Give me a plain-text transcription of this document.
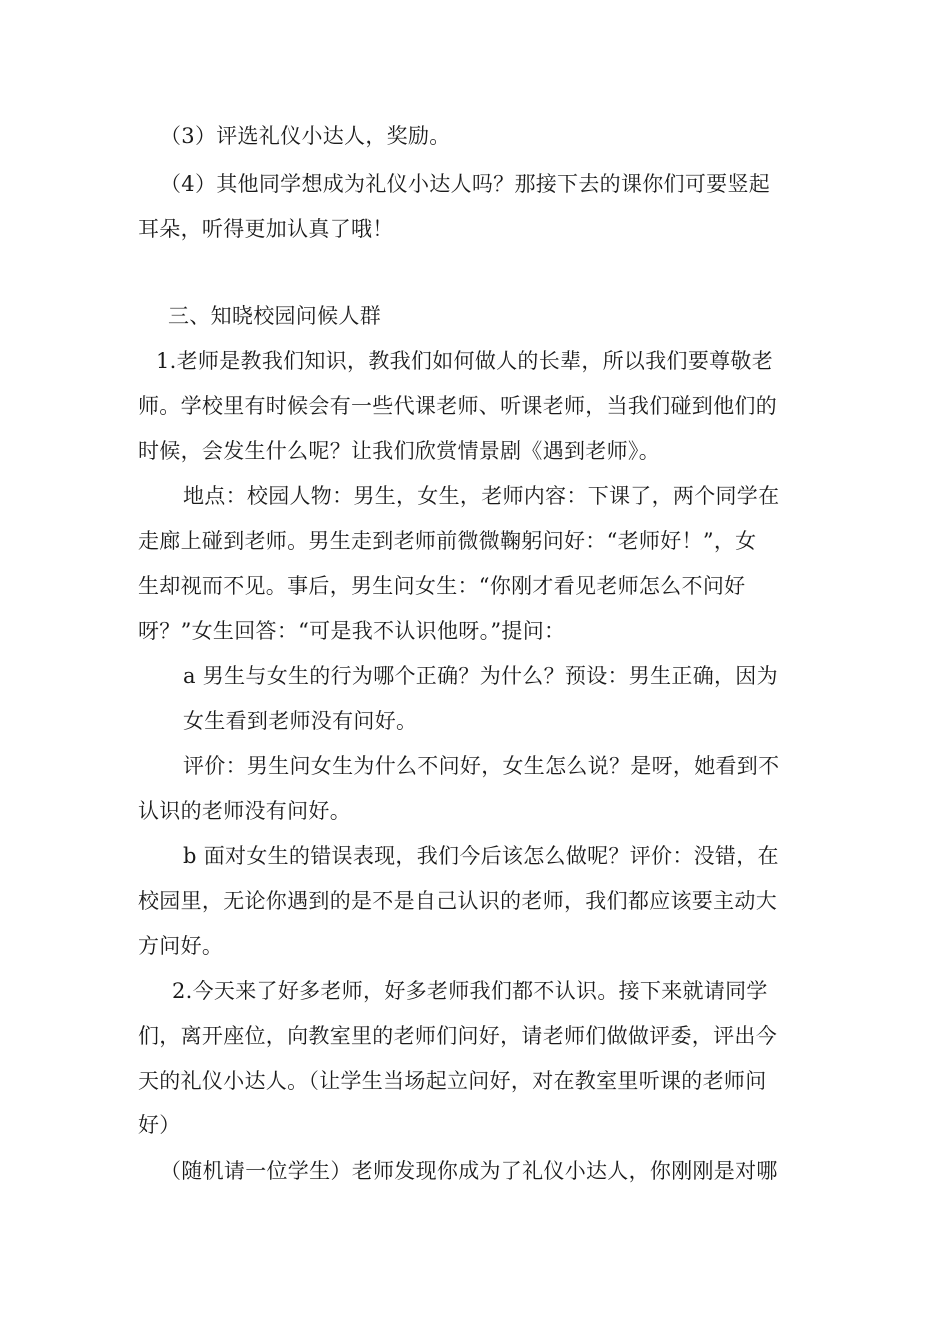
（3）评选礼仪小达人，奖励。
（4）其他同学想成为礼仪小达人吗？那接下去的课你们可要竖起
耳朵，听得更加认真了哦！
三、知晓校园问候人群
1.老师是教我们知识，教我们如何做人的长辈，所以我们要尊敬老
师。学校里有时候会有一些代课老师、听课老师，当我们碰到他们的
时候，会发生什么呢？让我们欣赏情景剧《遇到老师》。
地点：校园人物：男生，女生，老师内容：下课了，两个同学在
走廊上碰到老师。男生走到老师前微微鞠躬问好：“老师好！”，女
生却视而不见。事后，男生问女生：“你刚才看见老师怎么不问好
呀？”女生回答：“可是我不认识他呀。”提问：
a 男生与女生的行为哪个正确？为什么？预设：男生正确，因为
女生看到老师没有问好。
评价：男生问女生为什么不问好，女生怎么说？是呀，她看到不
认识的老师没有问好。
b 面对女生的错误表现，我们今后该怎么做呢？评价：没错，在
校园里，无论你遇到的是不是自己认识的老师，我们都应该要主动大
方问好。
2.今天来了好多老师，好多老师我们都不认识。接下来就请同学
们，离开座位，向教室里的老师们问好，请老师们做做评委，评出今
天的礼仪小达人。（让学生当场起立问好，对在教室里听课的老师问
好）
（随机请一位学生）老师发现你成为了礼仪小达人，你刚刚是对哪
